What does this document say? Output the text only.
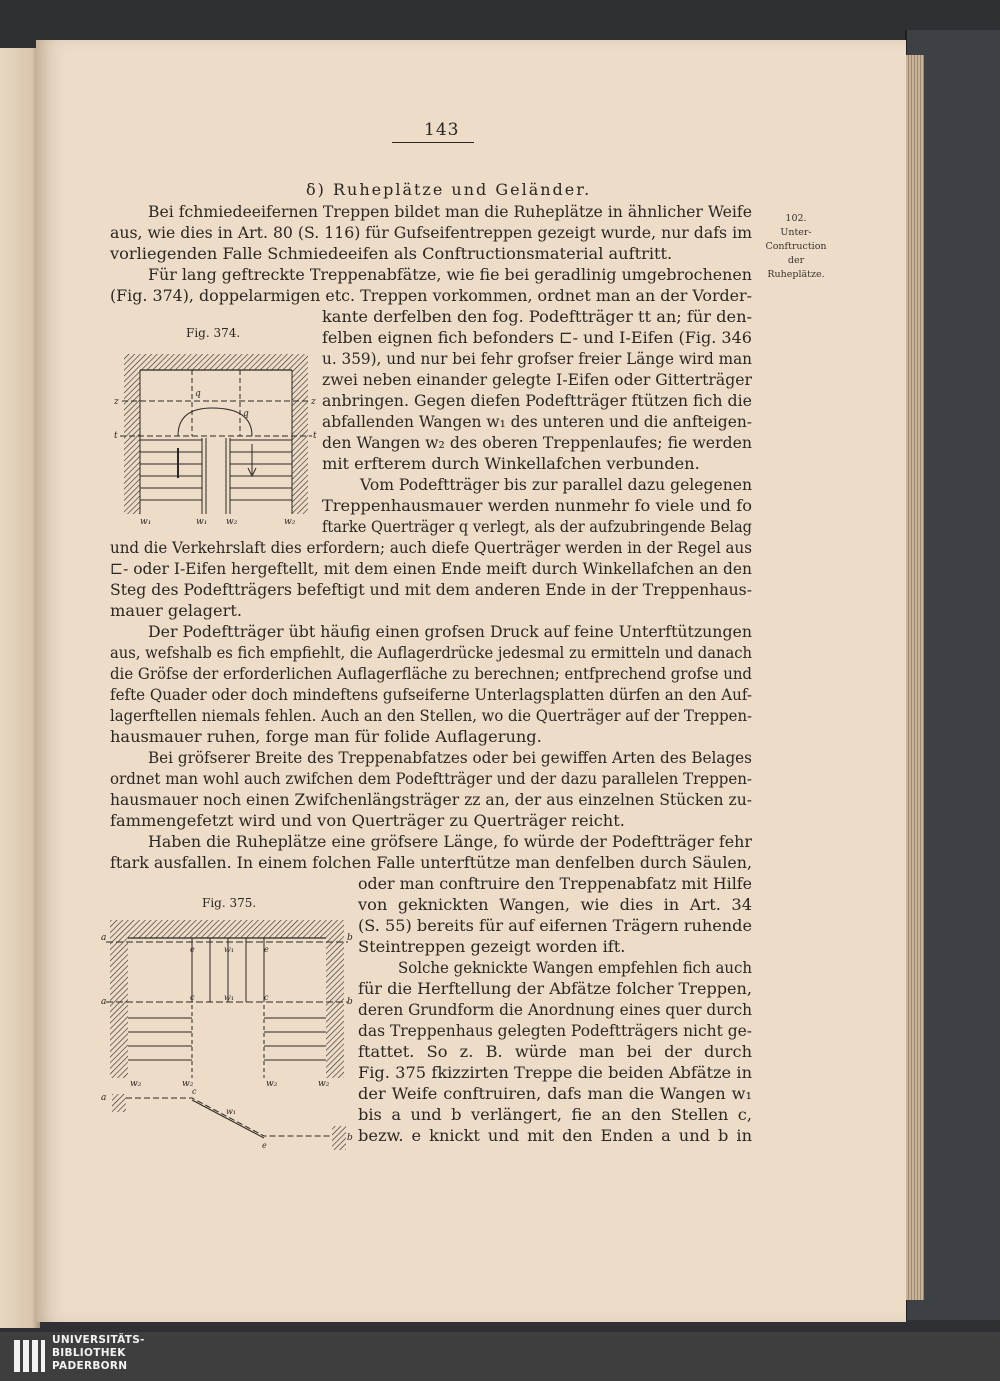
143
δ) Ruheplätze und Geländer.
102.
Unter-
Conftruction
der
Ruheplätze.
Bei fchmiedeeifernen Treppen bildet man die Ruheplätze in ähnlicher Weife
aus, wie dies in Art. 80 (S. 116) für Gufseifentreppen gezeigt wurde, nur dafs im
vorliegenden Falle Schmiedeeifen als Conftructionsmaterial auftritt.
Für lang geftreckte Treppenabfätze, wie fie bei geradlinig umgebrochenen
(Fig. 374), doppelarmigen etc. Treppen vorkommen, ordnet man an der Vorder-
kante derfelben den fog. Podeftträger tt an; für den-
felben eignen fich befonders ⊏- und I-Eifen (Fig. 346
u. 359), und nur bei fehr grofser freier Länge wird man
zwei neben einander gelegte I-Eifen oder Gitterträger
anbringen. Gegen diefen Podeftträger ftützen fich die
abfallenden Wangen w₁ des unteren und die anfteigen-
den Wangen w₂ des oberen Treppenlaufes; fie werden
mit erfterem durch Winkellafchen verbunden.
Vom Podeftträger bis zur parallel dazu gelegenen
Treppenhausmauer werden nunmehr fo viele und fo
ftarke Querträger q verlegt, als der aufzubringende Belag
und die Verkehrslaft dies erfordern; auch diefe Querträger werden in der Regel aus
⊏- oder I-Eifen hergeftellt, mit dem einen Ende meift durch Winkellafchen an den
Steg des Podeftträgers befeftigt und mit dem anderen Ende in der Treppenhaus-
mauer gelagert.
Der Podeftträger übt häufig einen grofsen Druck auf feine Unterftützungen
aus, wefshalb es fich empfiehlt, die Auflagerdrücke jedesmal zu ermitteln und danach
die Gröfse der erforderlichen Auflagerfläche zu berechnen; entfprechend grofse und
fefte Quader oder doch mindeftens gufseiferne Unterlagsplatten dürfen an den Auf-
lagerftellen niemals fehlen. Auch an den Stellen, wo die Querträger auf der Treppen-
hausmauer ruhen, forge man für folide Auflagerung.
Bei gröfserer Breite des Treppenabfatzes oder bei gewiffen Arten des Belages
ordnet man wohl auch zwifchen dem Podeftträger und der dazu parallelen Treppen-
hausmauer noch einen Zwifchenlängsträger zz an, der aus einzelnen Stücken zu-
fammengefetzt wird und von Querträger zu Querträger reicht.
Haben die Ruheplätze eine gröfsere Länge, fo würde der Podeftträger fehr
ftark ausfallen. In einem folchen Falle unterftütze man denfelben durch Säulen,
oder man conftruire den Treppenabfatz mit Hilfe
von geknickten Wangen, wie dies in Art. 34
(S. 55) bereits für auf eifernen Trägern ruhende
Steintreppen gezeigt worden ift.
Solche geknickte Wangen empfehlen fich auch
für die Herftellung der Abfätze folcher Treppen,
deren Grundform die Anordnung eines quer durch
das Treppenhaus gelegten Podeftträgers nicht ge-
ftattet. So z. B. würde man bei der durch
Fig. 375 fkizzirten Treppe die beiden Abfätze in
der Weife conftruiren, dafs man die Wangen w₁
bis a und b verlängert, fie an den Stellen c,
bezw. e knickt und mit den Enden a und b in
Fig. 374.
z	z
q
q
t	t
w₁	w₁ w₂	w₂
Fig. 375.
a	b
a	b
e	w₁	e
c	w₁	c
w₂	w₂	w₂	w₂
a
c
w₁
e
b
UNIVERSITÄTS-
BIBLIOTHEK
PADERBORN
